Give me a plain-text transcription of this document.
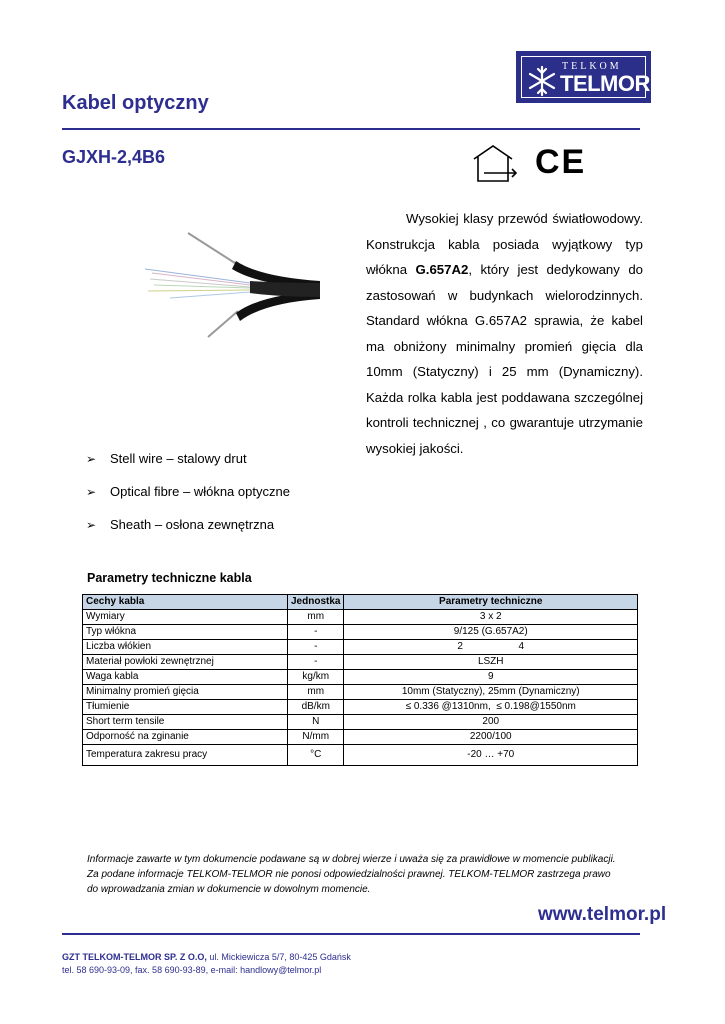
TELKOM
TELMOR
Kabel optyczny
GJXH-2,4B6	CE

Wysokiej klasy przewód światłowodowy. Konstrukcja kabla posiada wyjątkowy typ włókna G.657A2, który jest dedykowany do zastosowań w budynkach wielorodzinnych. Standard włókna G.657A2 sprawia, że kabel ma obniżony minimalny promień gięcia dla 10mm (Statyczny) i 25 mm (Dynamiczny). Każda rolka kabla jest poddawana szczególnej kontroli technicznej , co gwarantuje utrzymanie wysokiej jakości.

➢ Stell wire – stalowy drut
➢ Optical fibre – włókna optyczne
➢ Sheath – osłona zewnętrzna
Parametry techniczne kabla
Cechy kabla	Jednostka	Parametry techniczne
Wymiary	mm	3 x 2
Typ włókna	-	9/125 (G.657A2)
Liczba włókien	-	2                    4
Materiał powłoki zewnętrznej	-	LSZH
Waga kabla	kg/km	9
Minimalny promień gięcia	mm	10mm (Statyczny), 25mm (Dynamiczny)
Tłumienie	dB/km	≤ 0.336 @1310nm,  ≤ 0.198@1550nm
Short term tensile	N	200
Odporność na zginanie	N/mm	2200/100
Temperatura zakresu pracy	°C	-20 … +70
Informacje zawarte w tym dokumencie podawane są w dobrej wierze i uważa się za prawidłowe w momencie publikacji.
Za podane informacje TELKOM-TELMOR nie ponosi odpowiedzialności prawnej. TELKOM-TELMOR zastrzega prawo
do wprowadzania zmian w dokumencie w dowolnym momencie.
www.telmor.pl
GZT TELKOM-TELMOR SP. Z O.O, ul. Mickiewicza 5/7, 80-425 Gdańsk
tel. 58 690-93-09, fax. 58 690-93-89, e-mail: handlowy@telmor.pl
